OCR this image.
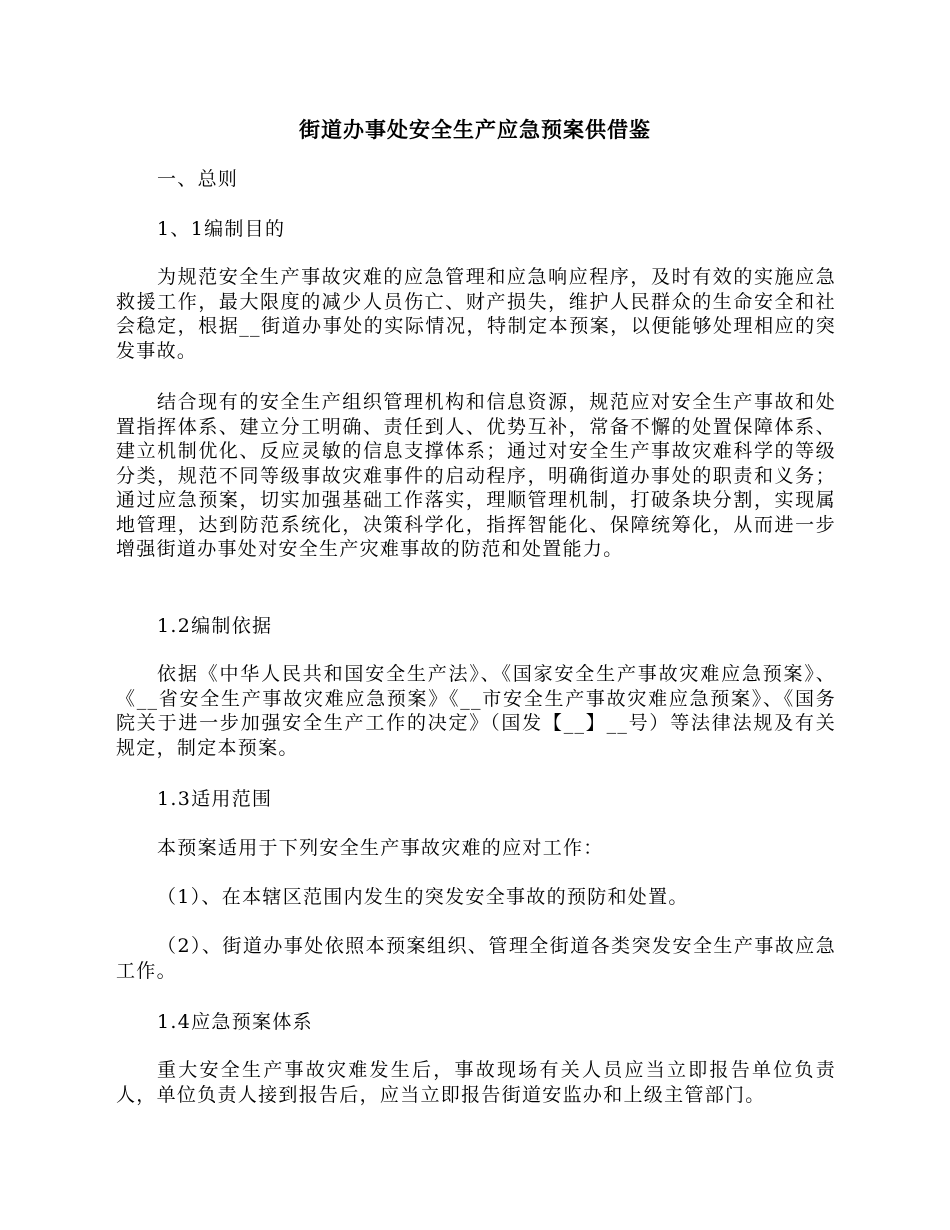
街道办事处安全生产应急预案供借鉴

一、总则

1、1编制目的

为规范安全生产事故灾难的应急管理和应急响应程序，及时有效的实施应急救援工作，最大限度的减少人员伤亡、财产损失，维护人民群众的生命安全和社会稳定，根据__街道办事处的实际情况，特制定本预案，以便能够处理相应的突发事故。

结合现有的安全生产组织管理机构和信息资源，规范应对安全生产事故和处置指挥体系、建立分工明确、责任到人、优势互补，常备不懈的处置保障体系、建立机制优化、反应灵敏的信息支撑体系；通过对安全生产事故灾难科学的等级分类，规范不同等级事故灾难事件的启动程序，明确街道办事处的职责和义务；通过应急预案，切实加强基础工作落实，理顺管理机制，打破条块分割，实现属地管理，达到防范系统化，决策科学化，指挥智能化、保障统筹化，从而进一步增强街道办事处对安全生产灾难事故的防范和处置能力。

1.2编制依据

依据《中华人民共和国安全生产法》、《国家安全生产事故灾难应急预案》、《__省安全生产事故灾难应急预案》《__市安全生产事故灾难应急预案》、《国务院关于进一步加强安全生产工作的决定》（国发【__】__号）等法律法规及有关规定，制定本预案。

1.3适用范围

本预案适用于下列安全生产事故灾难的应对工作：

（1）、在本辖区范围内发生的突发安全事故的预防和处置。

（2）、街道办事处依照本预案组织、管理全街道各类突发安全生产事故应急工作。

1.4应急预案体系

重大安全生产事故灾难发生后，事故现场有关人员应当立即报告单位负责人，单位负责人接到报告后，应当立即报告街道安监办和上级主管部门。
